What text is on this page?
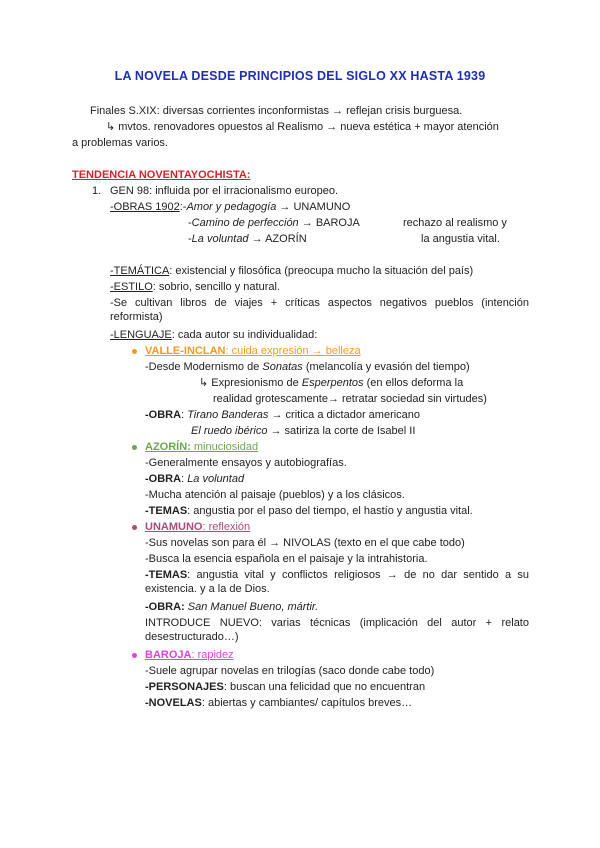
LA NOVELA DESDE PRINCIPIOS DEL SIGLO XX HASTA 1939
Finales S.XIX: diversas corrientes inconformistas → reflejan crisis burguesa.
↳ mvtos. renovadores opuestos al Realismo → nueva estética + mayor atención
a problemas varios.
TENDENCIA NOVENTAYOCHISTA:
1. GEN 98: influida por el irracionalismo europeo.
-OBRAS 1902:-Amor y pedagogía → UNAMUNO
-Camino de perfección → BAROJA
-La voluntad → AZORÍN
rechazo al realismo y
la angustia vital.
-TEMÁTICA: existencial y filosófica (preocupa mucho la situación del país)
-ESTILO: sobrio, sencillo y natural.
-Se cultivan libros de viajes + críticas aspectos negativos pueblos (intención reformista)
-LENGUAJE: cada autor su individualidad:
VALLE-INCLAN: cuida expresión → belleza
-Desde Modernismo de Sonatas (melancolía y evasión del tiempo)
↳ Expresionismo de Esperpentos (en ellos deforma la
realidad grotescamente→ retratar sociedad sin virtudes)
-OBRA: Tirano Banderas → critica a dictador americano
El ruedo ibérico → satiriza la corte de Isabel II
AZORÍN: minuciosidad
-Generalmente ensayos y autobiografías.
-OBRA: La voluntad
-Mucha atención al paisaje (pueblos) y a los clásicos.
-TEMAS: angustia por el paso del tiempo, el hastío y angustia vital.
UNAMUNO: reflexión
-Sus novelas son para él → NIVOLAS (texto en el que cabe todo)
-Busca la esencia española en el paisaje y la intrahistoria.
-TEMAS: angustia vital y conflictos religiosos → de no dar sentido a su existencia. y a la de Dios.
-OBRA: San Manuel Bueno, mártir.
INTRODUCE NUEVO: varias técnicas (implicación del autor + relato desestructurado…)
BAROJA: rapidez
-Suele agrupar novelas en trilogías (saco donde cabe todo)
-PERSONAJES: buscan una felicidad que no encuentran
-NOVELAS: abiertas y cambiantes/ capítulos breves…
